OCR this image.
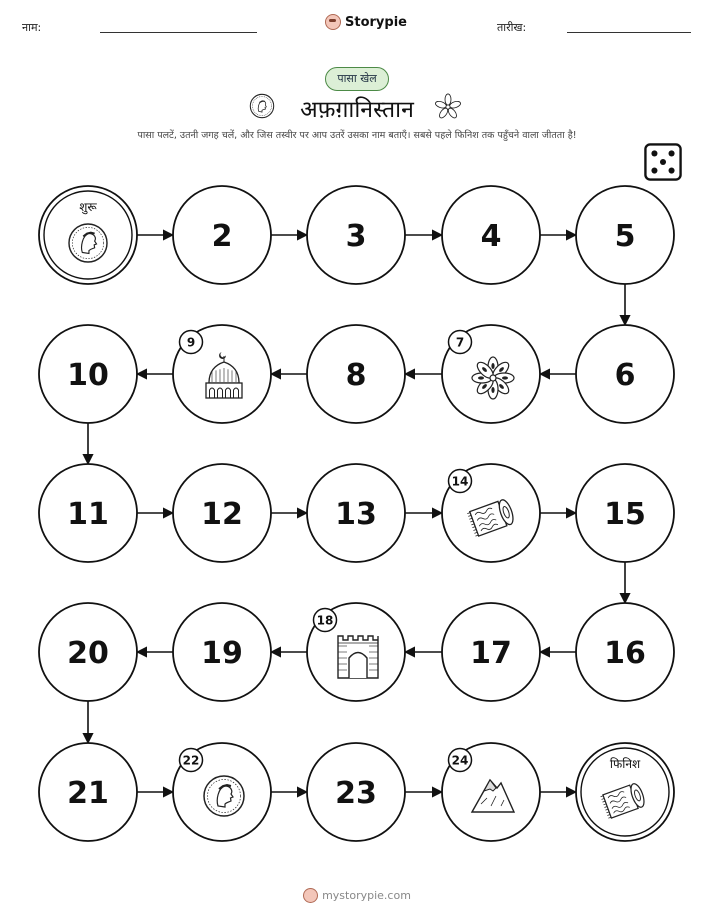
नाम:	Storypie	तारीख:
पासा खेल
अफ़ग़ानिस्तान
पासा पलटें, उतनी जगह चलें, और जिस तस्वीर पर आप उतरें उसका नाम बताएँ। सबसे पहले फिनिश तक पहुँचने वाला जीतता है!
शुरू
2	3	4	5
10
9
8
7
6
11	12	13
14
15
20	19
18
17	16
21
22
23
24	फिनिश
mystorypie.com
